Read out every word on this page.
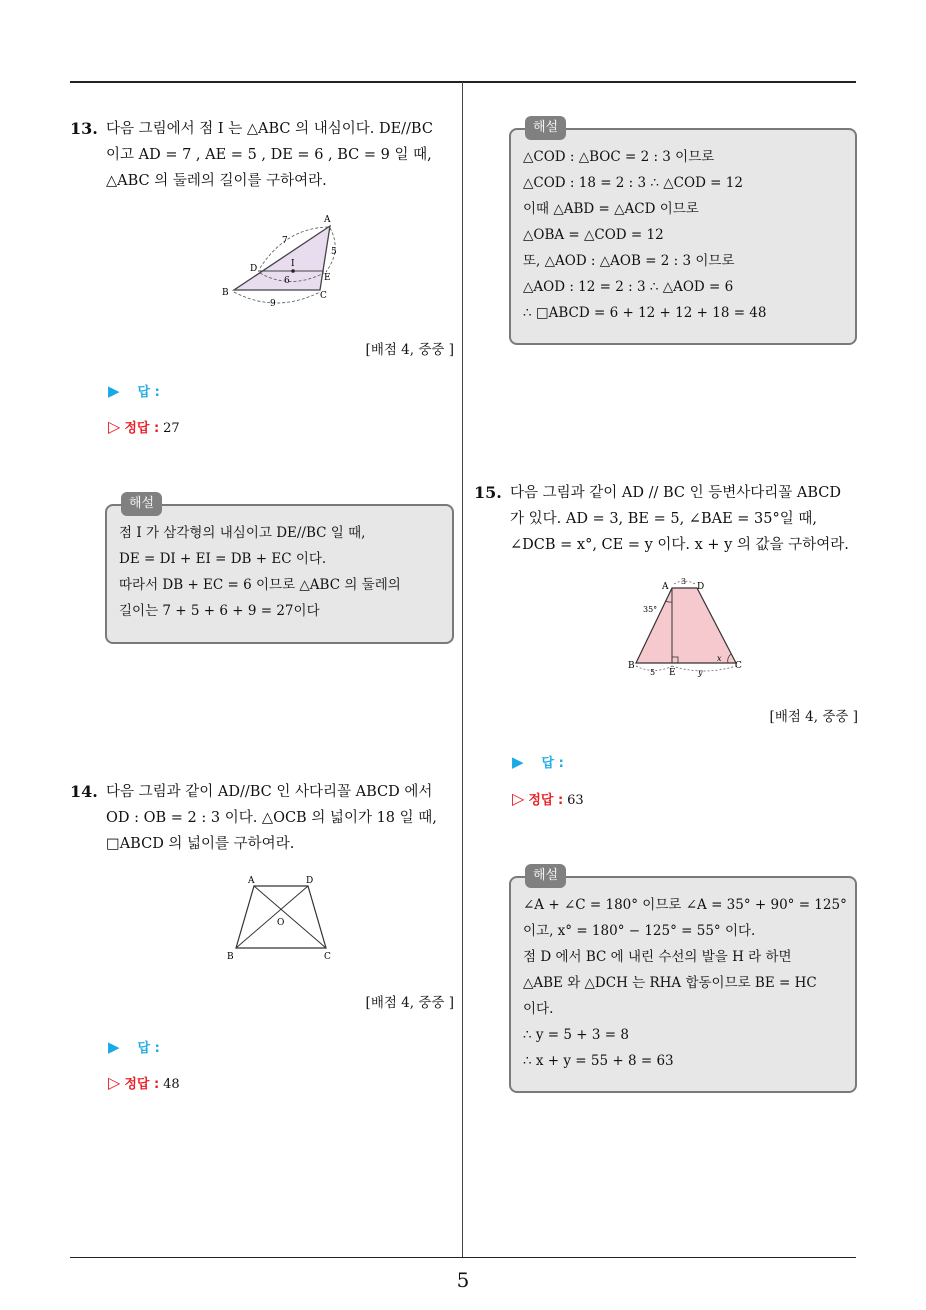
13. 다음 그림에서 점 I 는 △ABC 의 내심이다. DE//BC
이고 AD = 7 , AE = 5 , DE = 6 , BC = 9 일 때,
△ABC 의 둘레의 길이를 구하여라.
A
B	C
D
E
I
7
5
6
9
[배점 4, 중중 ]
▶ 답 :
▷ 정답 : 27
해설
점 I 가 삼각형의 내심이고 DE//BC 일 때,
DE = DI + EI = DB + EC 이다.
따라서 DB + EC = 6 이므로 △ABC 의 둘레의
길이는 7 + 5 + 6 + 9 = 27이다
14. 다음 그림과 같이 AD//BC 인 사다리꼴 ABCD 에서
OD : OB = 2 : 3 이다. △OCB 의 넓이가 18 일 때,
□ABCD 의 넓이를 구하여라.
A	D
B	C
O
[배점 4, 중중 ]
▶ 답 :
▷ 정답 : 48
해설
△COD : △BOC = 2 : 3 이므로
△COD : 18 = 2 : 3 ∴ △COD = 12
이때 △ABD = △ACD 이므로
△OBA = △COD = 12
또, △AOD : △AOB = 2 : 3 이므로
△AOD : 12 = 2 : 3 ∴ △AOD = 6
∴ □ABCD = 6 + 12 + 12 + 18 = 48
15. 다음 그림과 같이 AD // BC 인 등변사다리꼴 ABCD
가 있다. AD = 3, BE = 5, ∠BAE = 35°일 때,
∠DCB = x°, CE = y 이다. x + y 의 값을 구하여라.
A	D
B	C
E
3
5	y
35°
x
[배점 4, 중중 ]
▶ 답 :
▷ 정답 : 63
해설
∠A + ∠C = 180° 이므로 ∠A = 35° + 90° = 125°
이고, x° = 180° − 125° = 55° 이다.
점 D 에서 BC 에 내린 수선의 발을 H 라 하면
△ABE 와 △DCH 는 RHA 합동이므로 BE = HC
이다.
∴ y = 5 + 3 = 8
∴ x + y = 55 + 8 = 63
5
